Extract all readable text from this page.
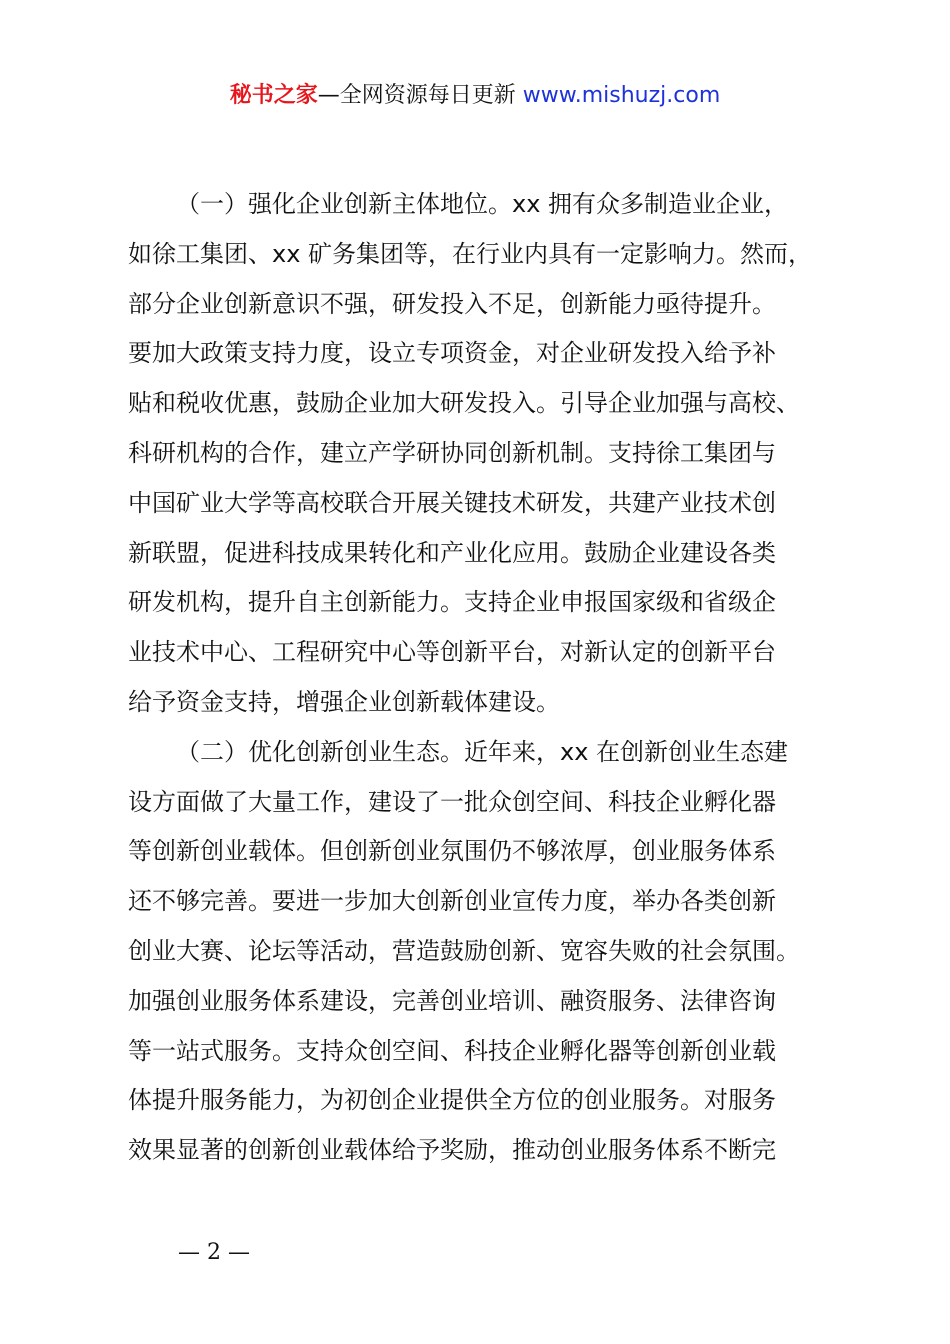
秘书之家—全网资源每日更新 www.mishuzj.com
（一）强化企业创新主体地位。xx 拥有众多制造业企业，
如徐工集团、xx 矿务集团等，在行业内具有一定影响力。然而，
部分企业创新意识不强，研发投入不足，创新能力亟待提升。
要加大政策支持力度，设立专项资金，对企业研发投入给予补
贴和税收优惠，鼓励企业加大研发投入。引导企业加强与高校、
科研机构的合作，建立产学研协同创新机制。支持徐工集团与
中国矿业大学等高校联合开展关键技术研发，共建产业技术创
新联盟，促进科技成果转化和产业化应用。鼓励企业建设各类
研发机构，提升自主创新能力。支持企业申报国家级和省级企
业技术中心、工程研究中心等创新平台，对新认定的创新平台
给予资金支持，增强企业创新载体建设。
（二）优化创新创业生态。近年来，xx 在创新创业生态建
设方面做了大量工作，建设了一批众创空间、科技企业孵化器
等创新创业载体。但创新创业氛围仍不够浓厚，创业服务体系
还不够完善。要进一步加大创新创业宣传力度，举办各类创新
创业大赛、论坛等活动，营造鼓励创新、宽容失败的社会氛围。
加强创业服务体系建设，完善创业培训、融资服务、法律咨询
等一站式服务。支持众创空间、科技企业孵化器等创新创业载
体提升服务能力，为初创企业提供全方位的创业服务。对服务
效果显著的创新创业载体给予奖励，推动创业服务体系不断完
— 2 —
